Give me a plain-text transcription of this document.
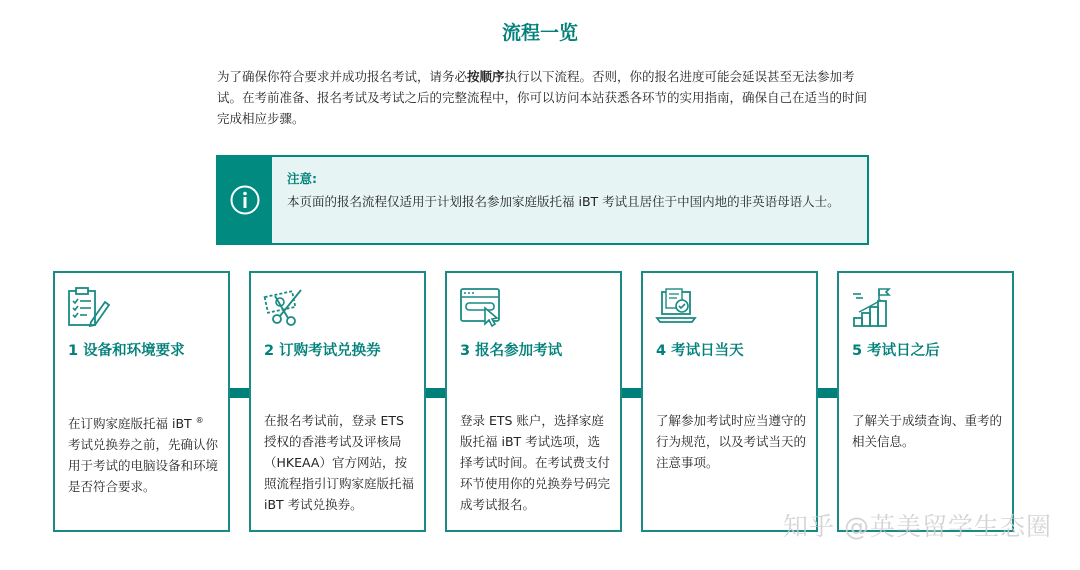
流程一览
为了确保你符合要求并成功报名考试，请务必按顺序执行以下流程。否则，你的报名进度可能会延误甚至无法参加考试。在考前准备、报名考试及考试之后的完整流程中，你可以访问本站获悉各环节的实用指南，确保自己在适当的时间完成相应步骤。
注意:
本页面的报名流程仅适用于计划报名参加家庭版托福 iBT 考试且居住于中国内地的非英语母语人士。
1 设备和环境要求
在订购家庭版托福 iBT ®
考试兑换券之前，先确认你用于考试的电脑设备和环境是否符合要求。
2 订购考试兑换券
在报名考试前，登录 ETS 授权的香港考试及评核局（HKEAA）官方网站，按照流程指引订购家庭版托福 iBT 考试兑换券。
3 报名参加考试
登录 ETS 账户，选择家庭版托福 iBT 考试选项，选择考试时间。在考试费支付环节使用你的兑换券号码完成考试报名。
4 考试日当天
了解参加考试时应当遵守的行为规范，以及考试当天的注意事项。
5 考试日之后
了解关于成绩查询、重考的相关信息。
知乎 @英美留学生态圈
